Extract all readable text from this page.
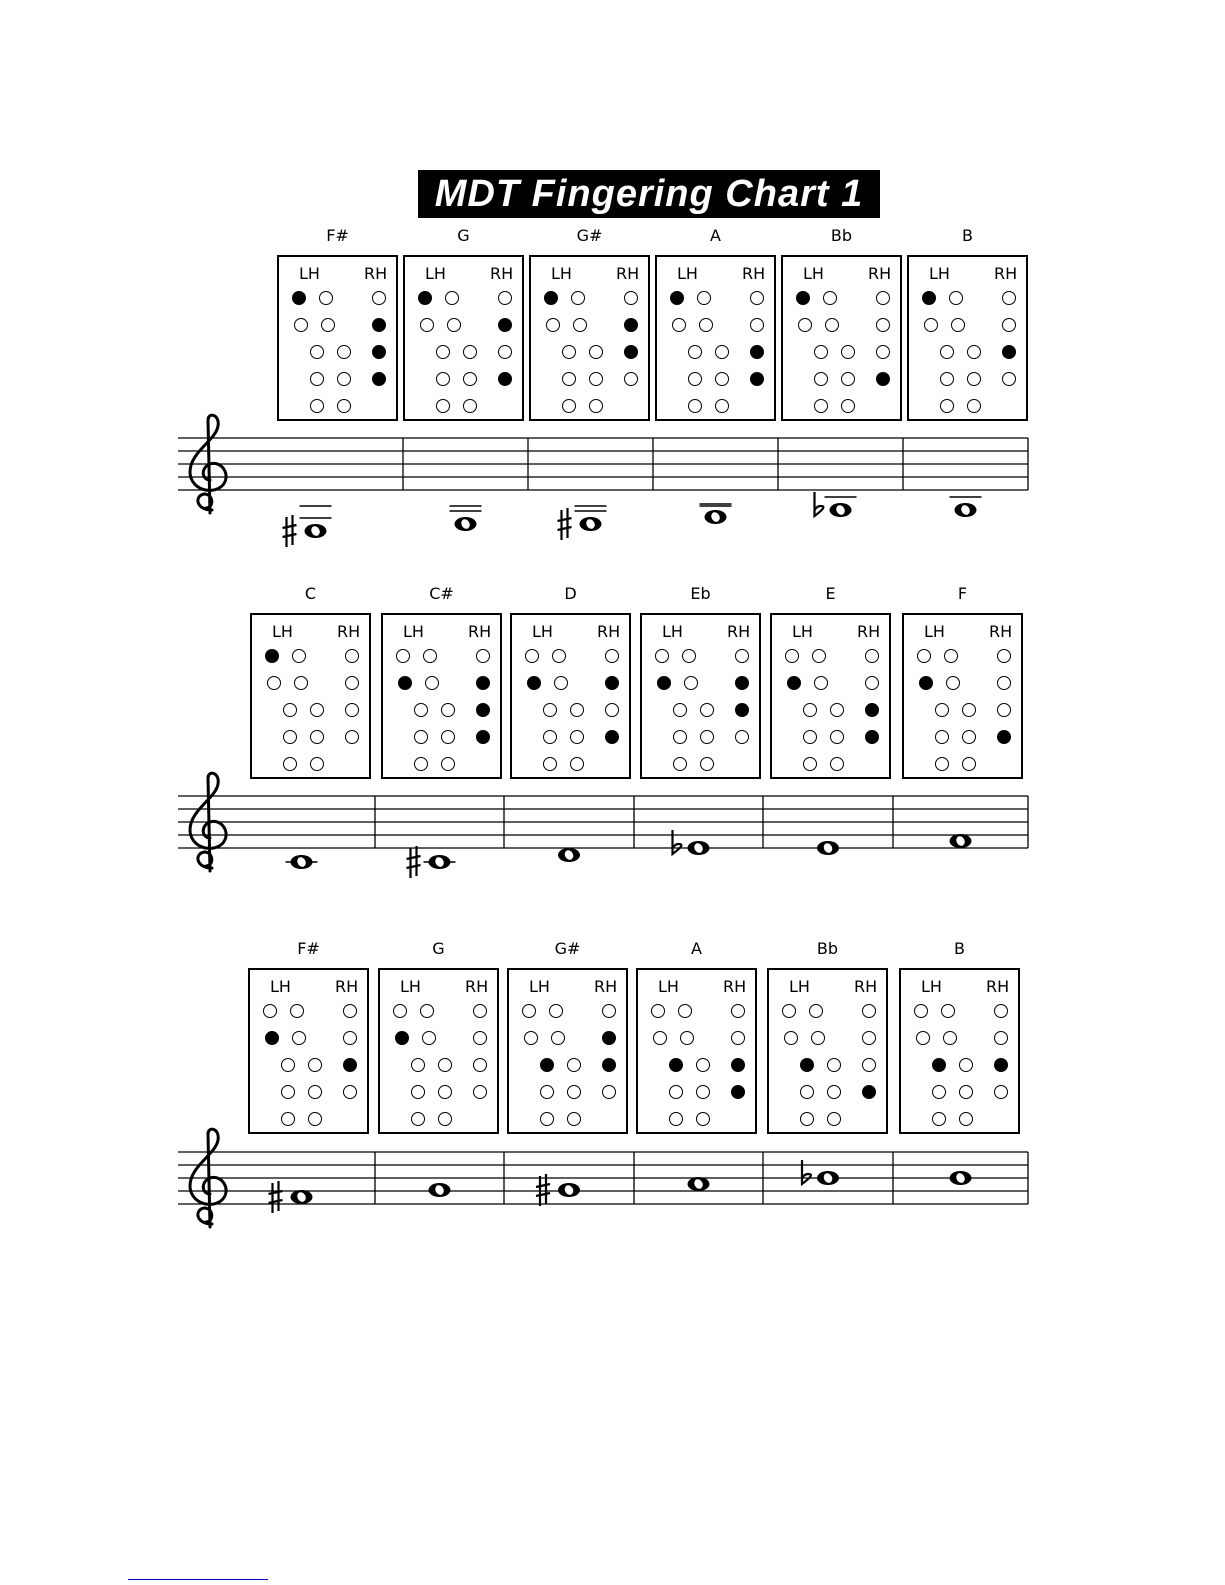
MDT Fingering Chart 1
F#
LH	RH
G
LH	RH
G#
LH	RH
A
LH	RH
Bb
LH	RH
B
LH	RH
C
LH	RH
C#
LH	RH
D
LH	RH
Eb
LH	RH
E
LH	RH
F
LH	RH
F#
LH	RH
G
LH	RH
G#
LH	RH
A
LH	RH
Bb
LH	RH
B
LH	RH
